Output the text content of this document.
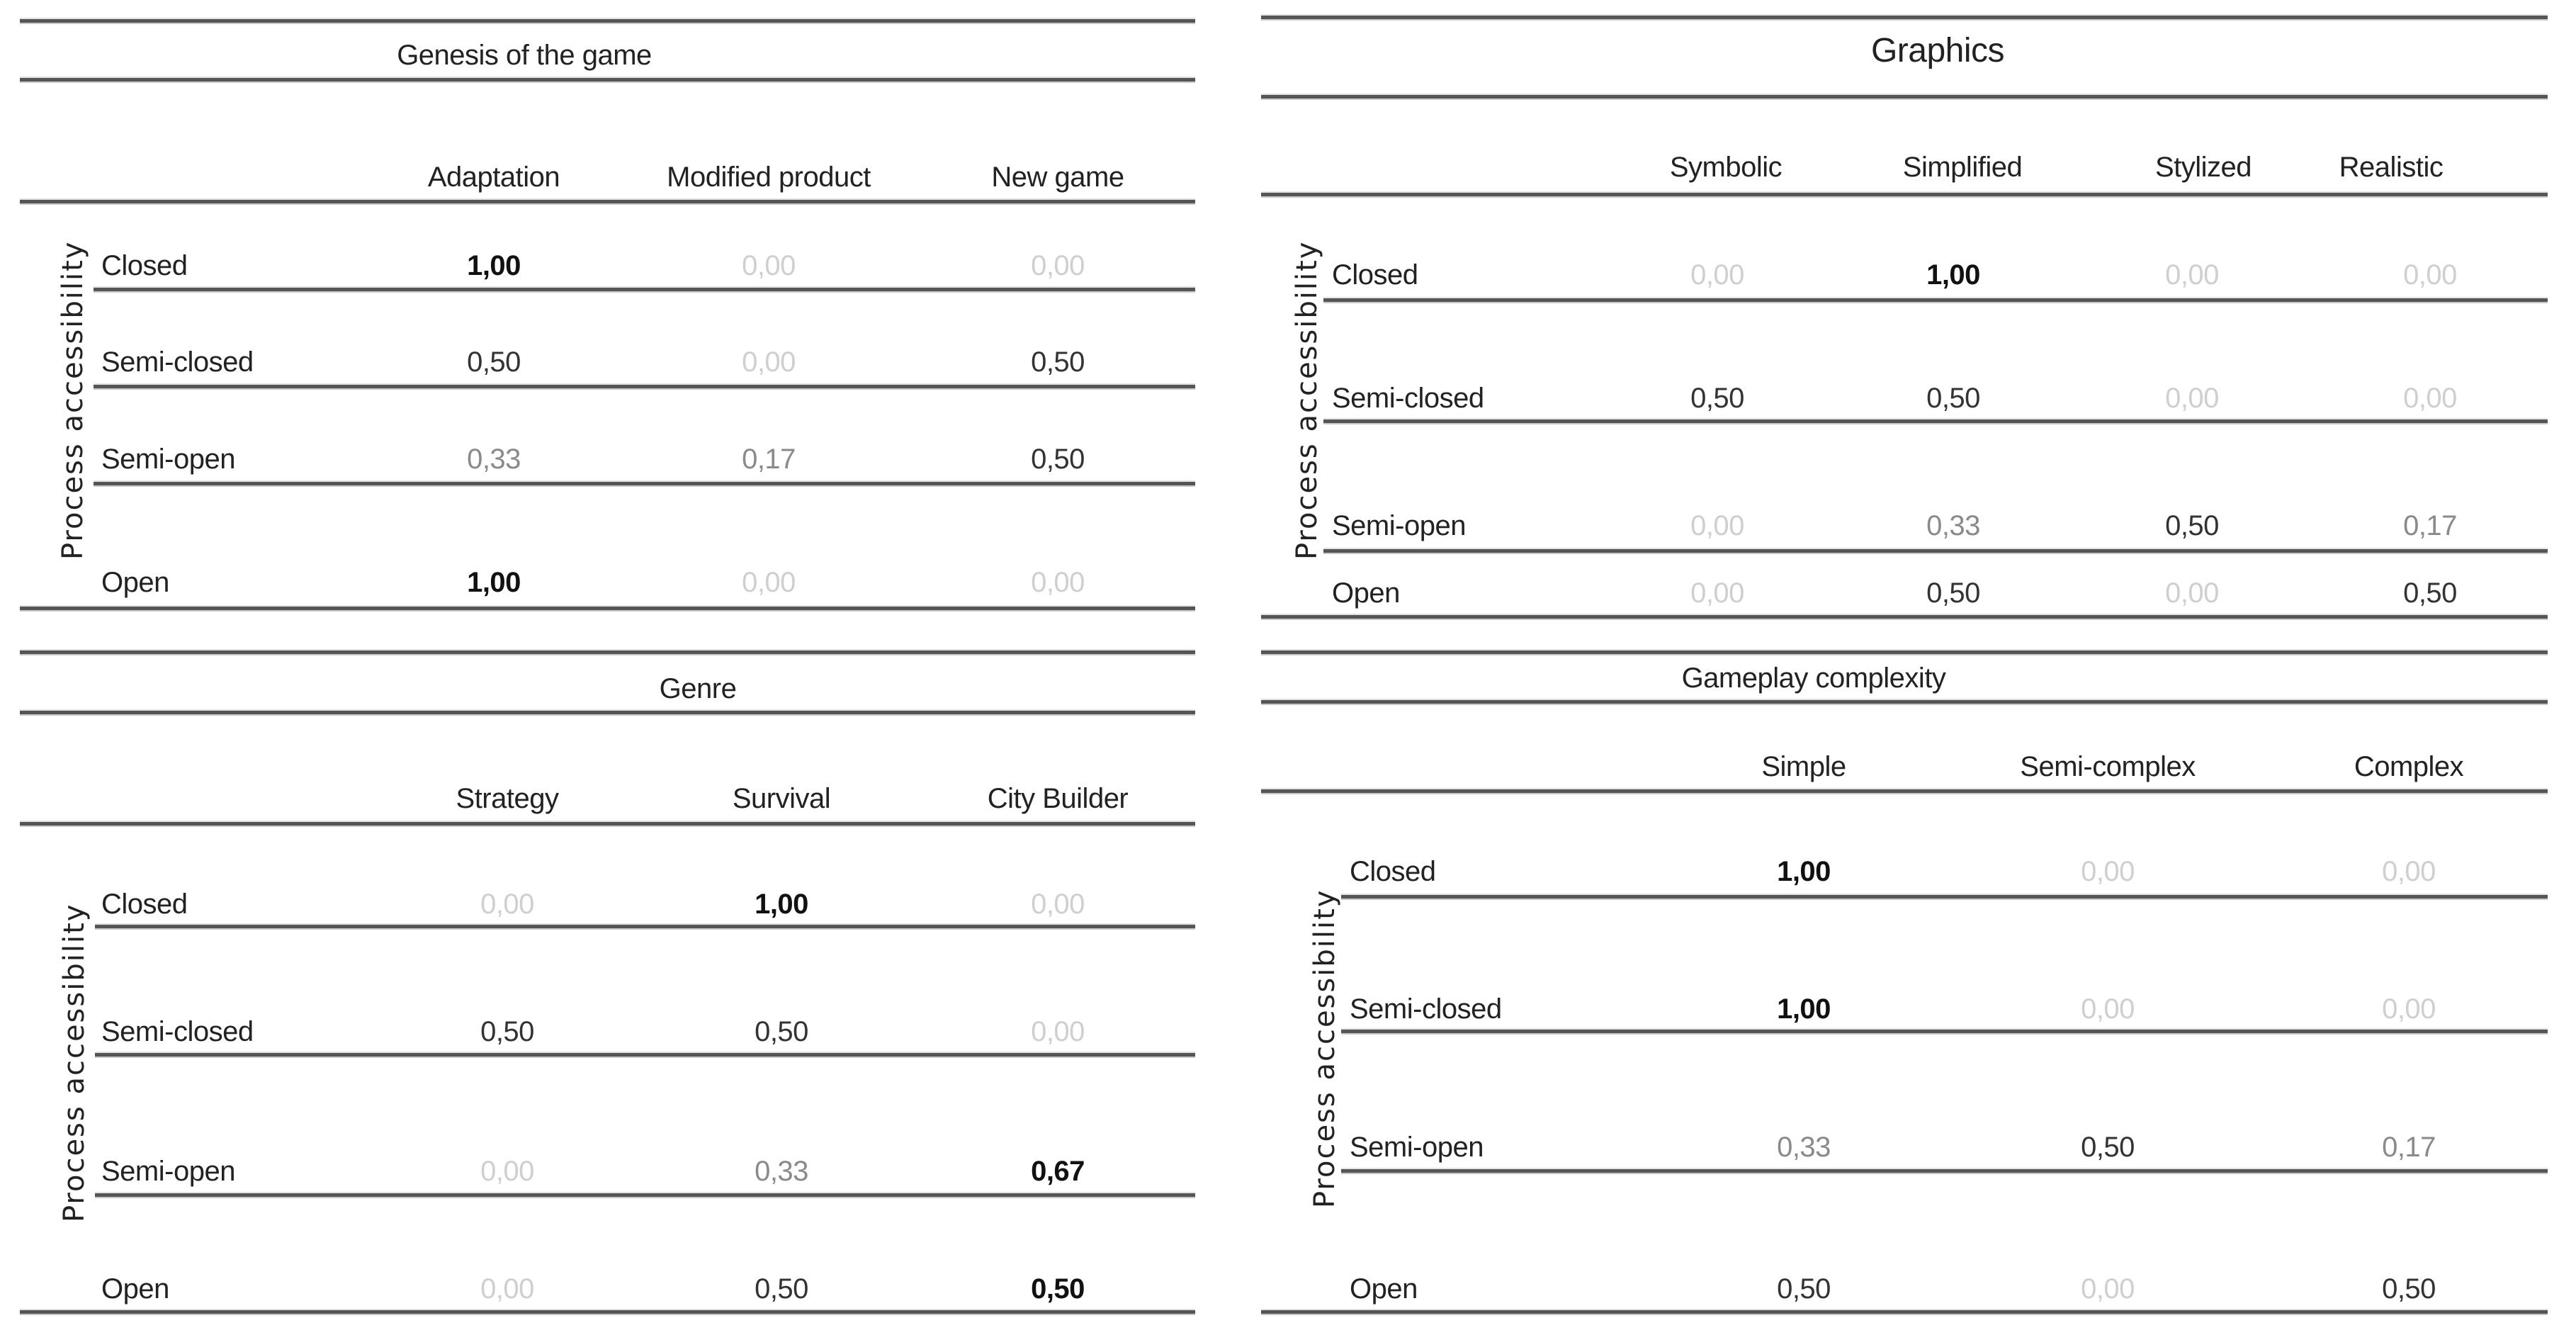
Genesis of the game
Adaptation	Modified product	New game
Process accessibility Closed	1,00	0,00	0,00
Semi-closed	0,50	0,00	0,50
Semi-open	0,33	0,17	0,50
Open	1,00	0,00	0,00
Graphics
Symbolic	Simplified	Stylized	Realistic
Process accessibility Closed	0,00	1,00	0,00	0,00
Semi-closed	0,50	0,50	0,00	0,00
Semi-open	0,00	0,33	0,50	0,17
Open	0,00	0,50	0,00	0,50
Genre
Strategy	Survival	City Builder
Process accessibility Closed	0,00	1,00	0,00
Semi-closed	0,50	0,50	0,00
Semi-open	0,00	0,33	0,67
Open	0,00	0,50	0,50
Gameplay complexity
Simple	Semi-complex	Complex
Process accessibility
Closed	1,00	0,00	0,00
Semi-closed	1,00	0,00	0,00
Semi-open	0,33	0,50	0,17
Open	0,50	0,00	0,50
